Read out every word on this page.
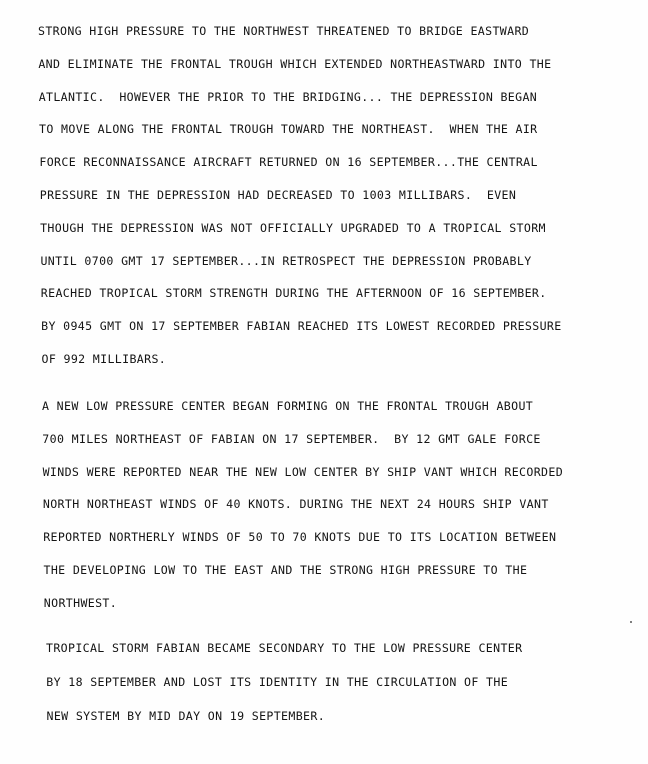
STRONG HIGH PRESSURE TO THE NORTHWEST THREATENED TO BRIDGE EASTWARD
AND ELIMINATE THE FRONTAL TROUGH WHICH EXTENDED NORTHEASTWARD INTO THE
ATLANTIC.  HOWEVER THE PRIOR TO THE BRIDGING... THE DEPRESSION BEGAN
TO MOVE ALONG THE FRONTAL TROUGH TOWARD THE NORTHEAST.  WHEN THE AIR
FORCE RECONNAISSANCE AIRCRAFT RETURNED ON 16 SEPTEMBER...THE CENTRAL
PRESSURE IN THE DEPRESSION HAD DECREASED TO 1003 MILLIBARS.  EVEN
THOUGH THE DEPRESSION WAS NOT OFFICIALLY UPGRADED TO A TROPICAL STORM
UNTIL 0700 GMT 17 SEPTEMBER...IN RETROSPECT THE DEPRESSION PROBABLY
REACHED TROPICAL STORM STRENGTH DURING THE AFTERNOON OF 16 SEPTEMBER.
BY 0945 GMT ON 17 SEPTEMBER FABIAN REACHED ITS LOWEST RECORDED PRESSURE
OF 992 MILLIBARS.
A NEW LOW PRESSURE CENTER BEGAN FORMING ON THE FRONTAL TROUGH ABOUT
700 MILES NORTHEAST OF FABIAN ON 17 SEPTEMBER.  BY 12 GMT GALE FORCE
WINDS WERE REPORTED NEAR THE NEW LOW CENTER BY SHIP VANT WHICH RECORDED
NORTH NORTHEAST WINDS OF 40 KNOTS. DURING THE NEXT 24 HOURS SHIP VANT
REPORTED NORTHERLY WINDS OF 50 TO 70 KNOTS DUE TO ITS LOCATION BETWEEN
THE DEVELOPING LOW TO THE EAST AND THE STRONG HIGH PRESSURE TO THE
NORTHWEST.
TROPICAL STORM FABIAN BECAME SECONDARY TO THE LOW PRESSURE CENTER
BY 18 SEPTEMBER AND LOST ITS IDENTITY IN THE CIRCULATION OF THE
NEW SYSTEM BY MID DAY ON 19 SEPTEMBER.
